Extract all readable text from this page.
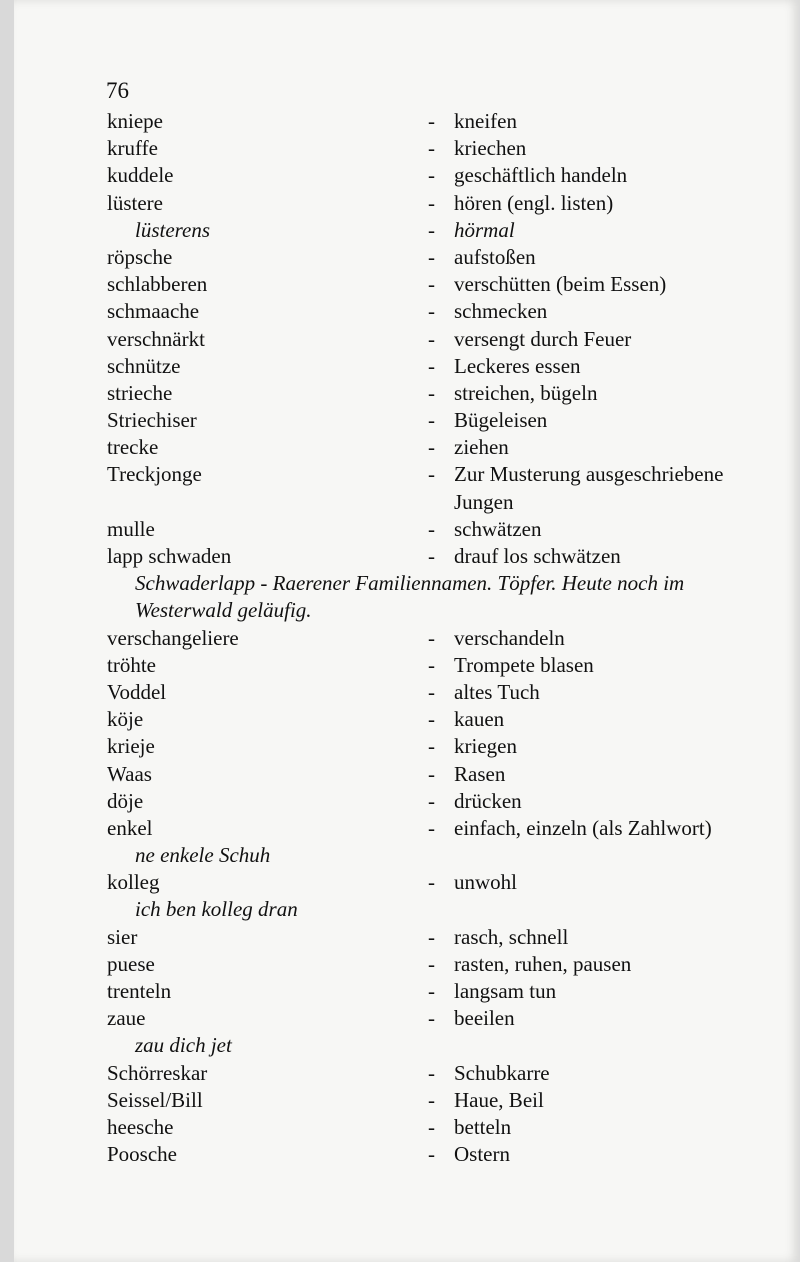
76
kniepe	- kneifen
kruffe	- kriechen
kuddele	- geschäftlich handeln
lüstere	- hören (engl. listen)
lüsterens	- hörmal
röpsche	- aufstoßen
schlabberen	- verschütten (beim Essen)
schmaache	- schmecken
verschnärkt	- versengt durch Feuer
schnütze	- Leckeres essen
strieche	- streichen, bügeln
Striechiser	- Bügeleisen
trecke	- ziehen
Treckjonge	- Zur Musterung ausgeschriebene Jungen
mulle	- schwätzen
lapp schwaden	- drauf los schwätzen
Schwaderlapp - Raerener Familiennamen. Töpfer. Heute noch im Westerwald geläufig.
verschangeliere	- verschandeln
tröhte	- Trompete blasen
Voddel	- altes Tuch
köje	- kauen
krieje	- kriegen
Waas	- Rasen
döje	- drücken
enkel	- einfach, einzeln (als Zahlwort)
ne enkele Schuh
kolleg	- unwohl
ich ben kolleg dran
sier	- rasch, schnell
puese	- rasten, ruhen, pausen
trenteln	- langsam tun
zaue	- beeilen
zau dich jet
Schörreskar	- Schubkarre
Seissel/Bill	- Haue, Beil
heesche	- betteln
Poosche	- Ostern
